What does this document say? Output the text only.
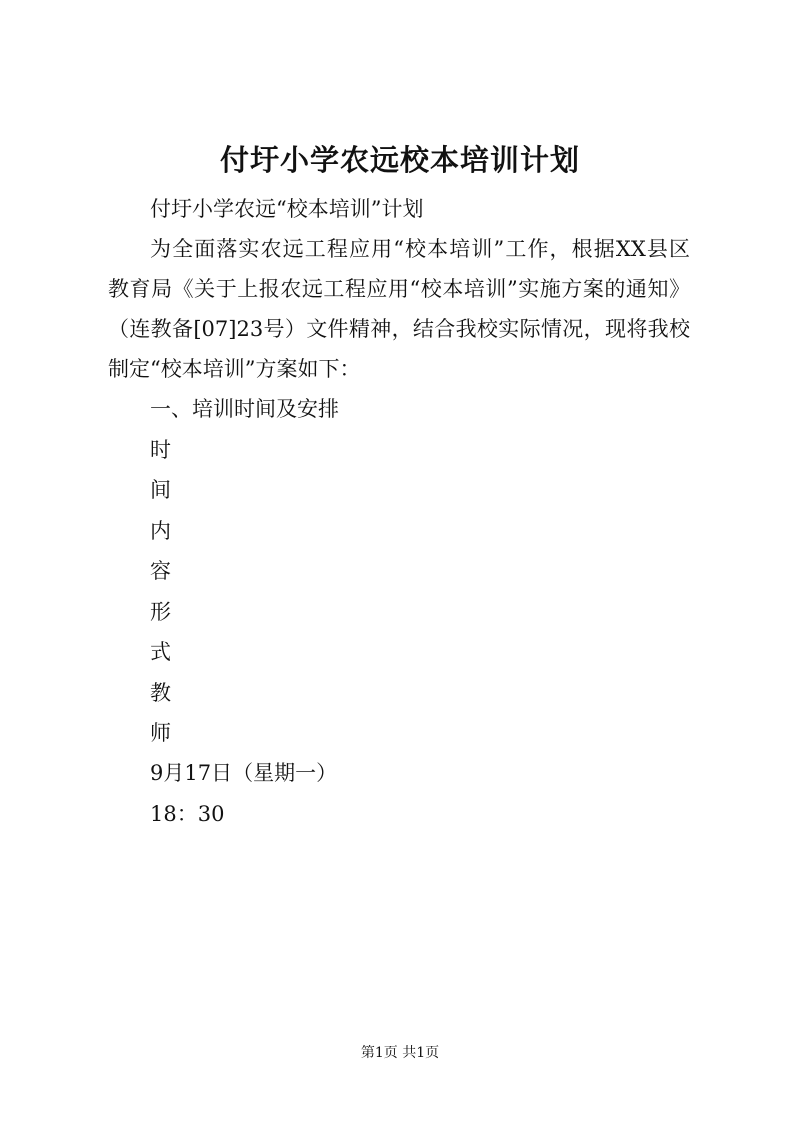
付圩小学农远校本培训计划

付圩小学农远“校本培训”计划

为全面落实农远工程应用“校本培训”工作，根据XX县区

教育局《关于上报农远工程应用“校本培训”实施方案的通知》

（连教备[07]23号）文件精神，结合我校实际情况，现将我校

制定“校本培训”方案如下：

一、培训时间及安排

时

间

内

容

形

式

教

师

9月17日（星期一）

18：30

第1页 共1页
